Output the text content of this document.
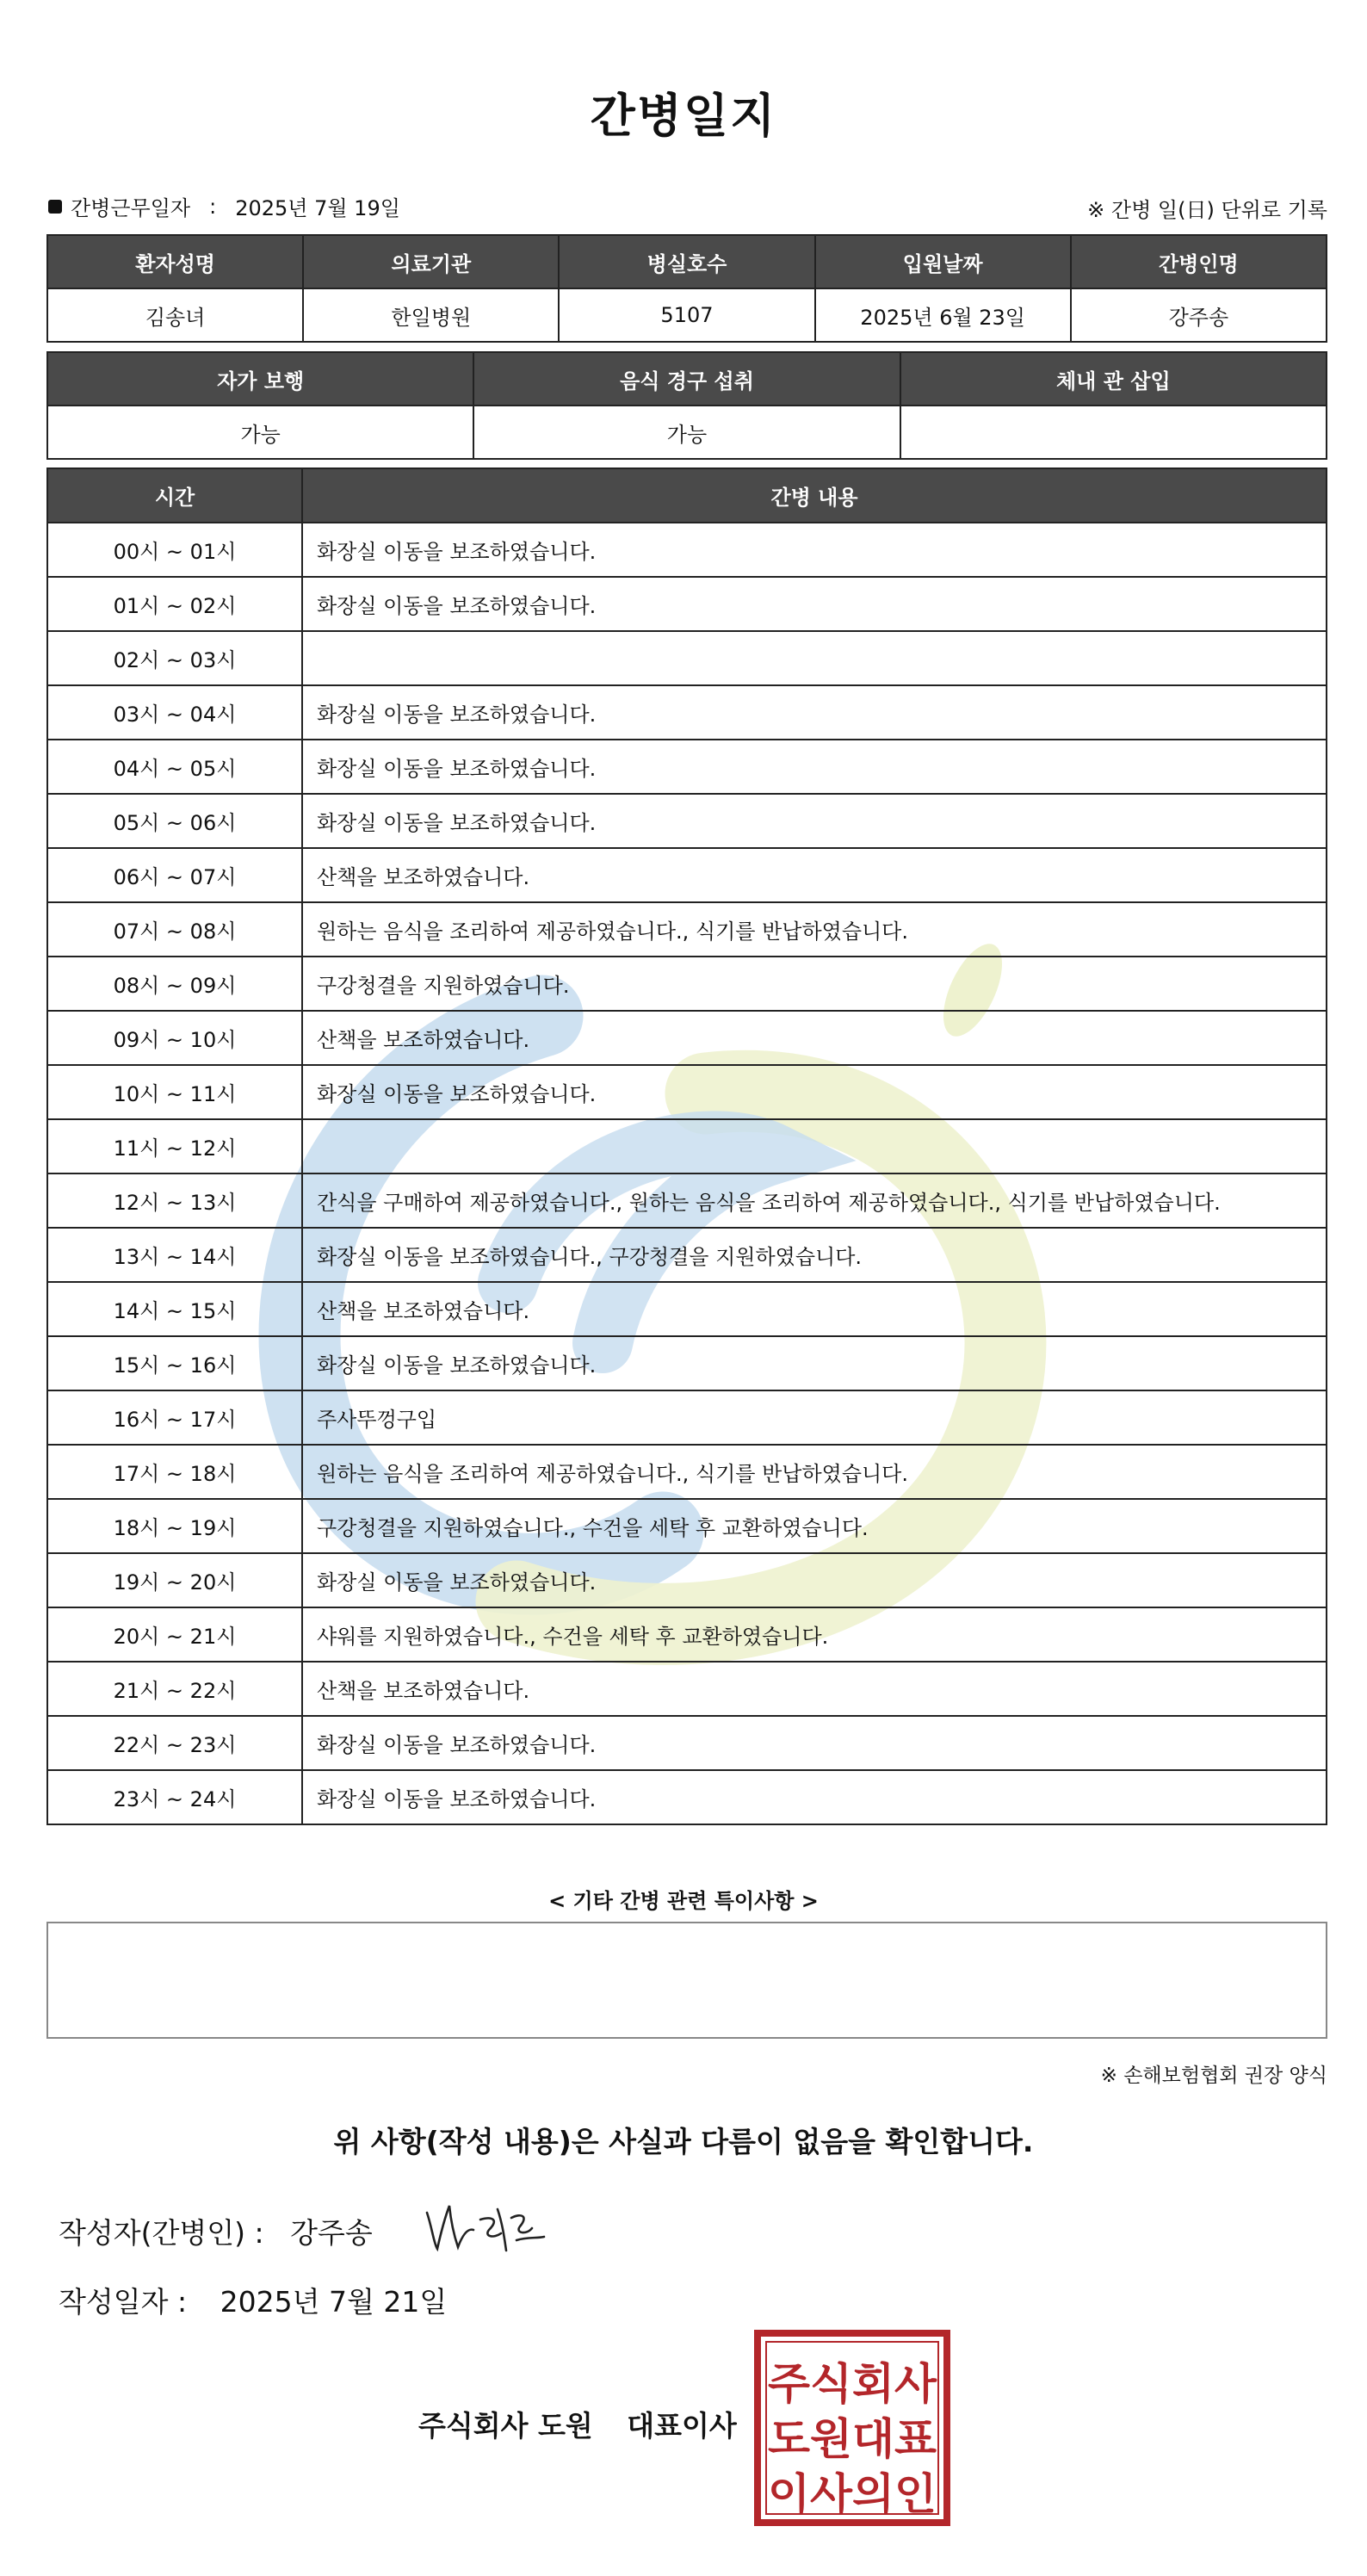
간병일지
간병근무일자 : 2025년 7월 19일	※ 간병 일(日) 단위로 기록
환자성명	의료기관	병실호수	입원날짜	간병인명
김송녀	한일병원	5107	2025년 6월 23일	강주송
자가 보행	음식 경구 섭취	체내 관 삽입
가능	가능	
시간	간병 내용
00시 ~ 01시	화장실 이동을 보조하였습니다.
01시 ~ 02시	화장실 이동을 보조하였습니다.
02시 ~ 03시	
03시 ~ 04시	화장실 이동을 보조하였습니다.
04시 ~ 05시	화장실 이동을 보조하였습니다.
05시 ~ 06시	화장실 이동을 보조하였습니다.
06시 ~ 07시	산책을 보조하였습니다.
07시 ~ 08시	원하는 음식을 조리하여 제공하였습니다., 식기를 반납하였습니다.
08시 ~ 09시	구강청결을 지원하였습니다.
09시 ~ 10시	산책을 보조하였습니다.
10시 ~ 11시	화장실 이동을 보조하였습니다.
11시 ~ 12시	
12시 ~ 13시	간식을 구매하여 제공하였습니다., 원하는 음식을 조리하여 제공하였습니다., 식기를 반납하였습니다.
13시 ~ 14시	화장실 이동을 보조하였습니다., 구강청결을 지원하였습니다.
14시 ~ 15시	산책을 보조하였습니다.
15시 ~ 16시	화장실 이동을 보조하였습니다.
16시 ~ 17시	주사뚜껑구입
17시 ~ 18시	원하는 음식을 조리하여 제공하였습니다., 식기를 반납하였습니다.
18시 ~ 19시	구강청결을 지원하였습니다., 수건을 세탁 후 교환하였습니다.
19시 ~ 20시	화장실 이동을 보조하였습니다.
20시 ~ 21시	샤워를 지원하였습니다., 수건을 세탁 후 교환하였습니다.
21시 ~ 22시	산책을 보조하였습니다.
22시 ~ 23시	화장실 이동을 보조하였습니다.
23시 ~ 24시	화장실 이동을 보조하였습니다.
< 기타 간병 관련 특이사항 >
※ 손해보험협회 권장 양식
위 사항(작성 내용)은 사실과 다름이 없음을 확인합니다.
작성자(간병인) : 강주송
작성일자 : 2025년 7월 21일
주식회사 도원 대표이사
주식회사
도원대표
이사의인
